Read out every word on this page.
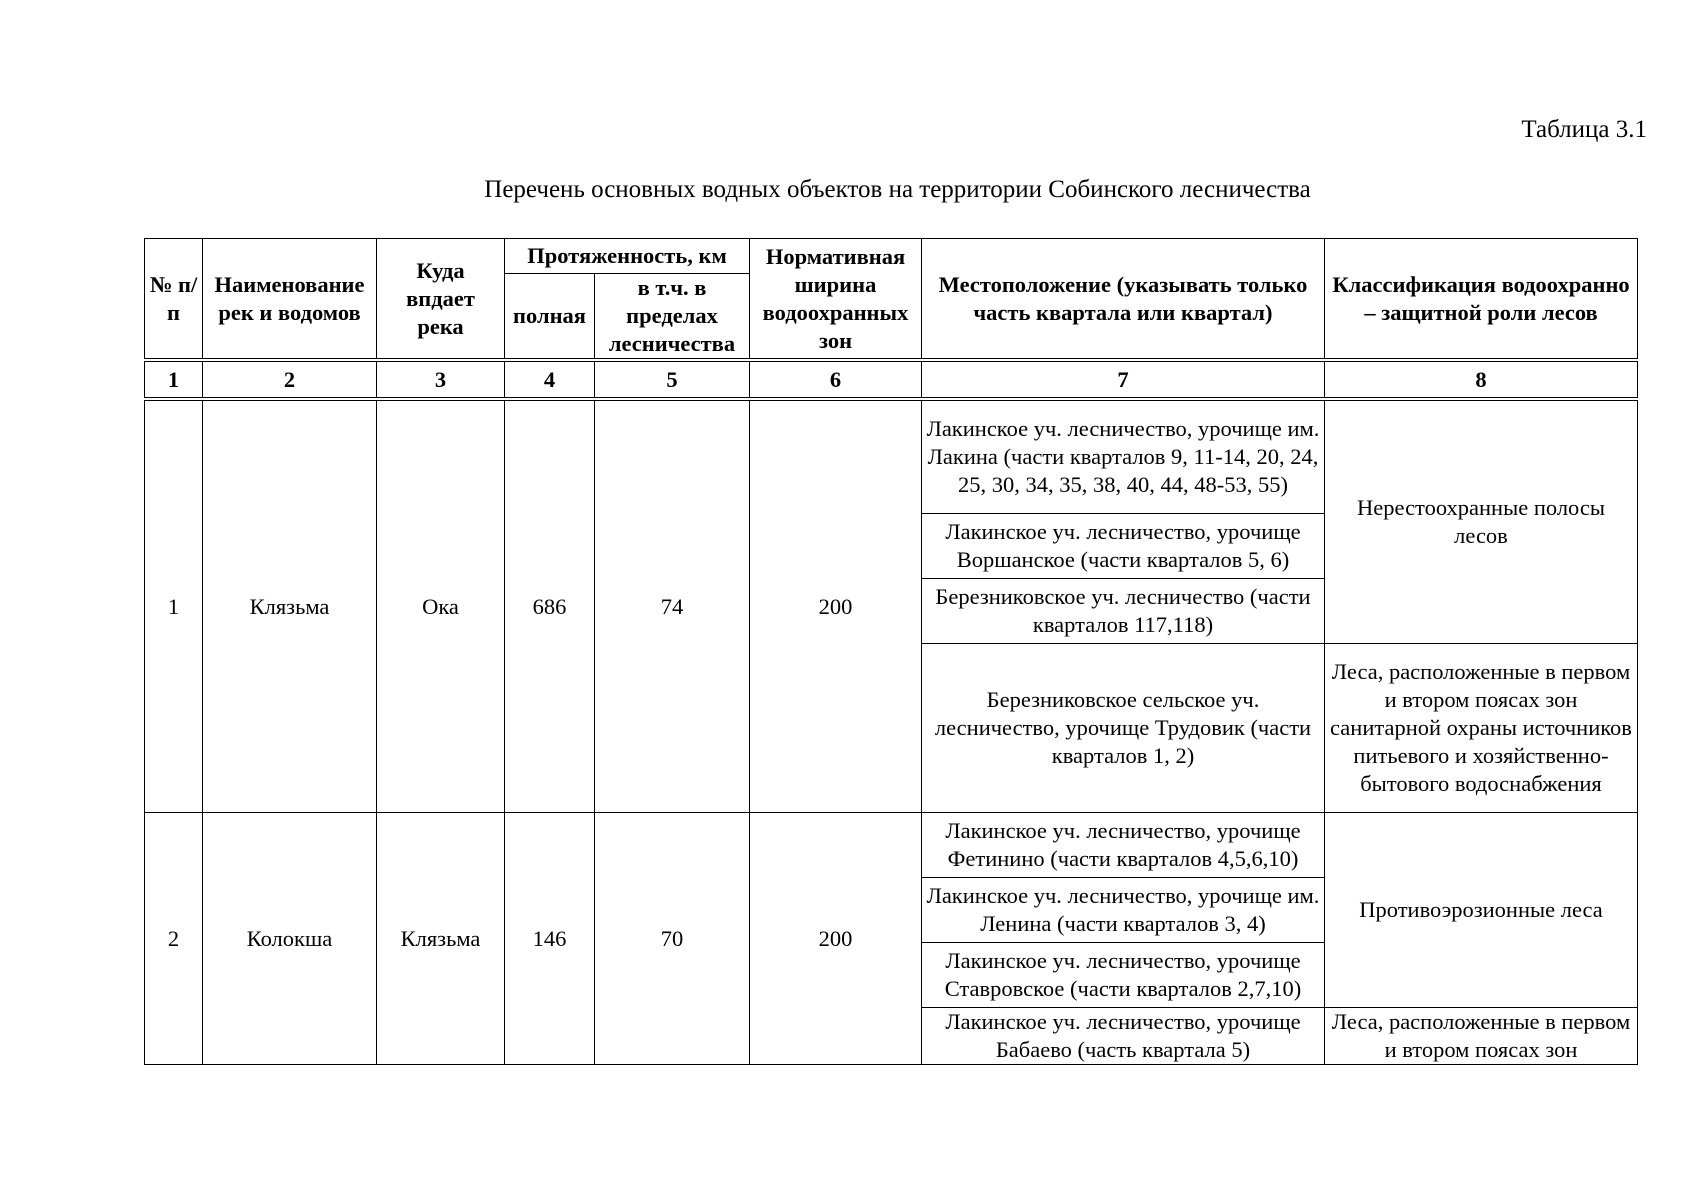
Таблица 3.1
Перечень основных водных объектов на территории Собинского лесничества
№ п/п	Наименование рек и водомов	Куда впдает река	Протяженность, км		Нормативная ширина водоохранных зон	Местоположение (указывать только часть квартала или квартал)	Классификация водоохранно – защитной роли лесов
			полная	в т.ч. в пределах лесничества			
1	2	3	4	5	6	7	8
1	Клязьма	Ока	686	74	200	Лакинское уч. лесничество, урочище им. Лакина (части кварталов 9, 11-14, 20, 24, 25, 30, 34, 35, 38, 40, 44, 48-53, 55)	Нерестоохранные полосы лесов
						Лакинское уч. лесничество, урочище Воршанское (части кварталов 5, 6)	
						Березниковское уч. лесничество (части кварталов 117,118)	
						Березниковское сельское уч. лесничество, урочище Трудовик (части кварталов 1, 2)	Леса, расположенные в первом и втором поясах зон санитарной охраны источников питьевого и хозяйственно-бытового водоснабжения
2	Колокша	Клязьма	146	70	200	Лакинское уч. лесничество, урочище Фетинино (части кварталов 4,5,6,10)	Противоэрозионные леса
						Лакинское уч. лесничество, урочище им. Ленина (части кварталов 3, 4)	
						Лакинское уч. лесничество, урочище Ставровское (части кварталов 2,7,10)	
						Лакинское уч. лесничество, урочище Бабаево (часть квартала 5)	Леса, расположенные в первом и втором поясах зон
